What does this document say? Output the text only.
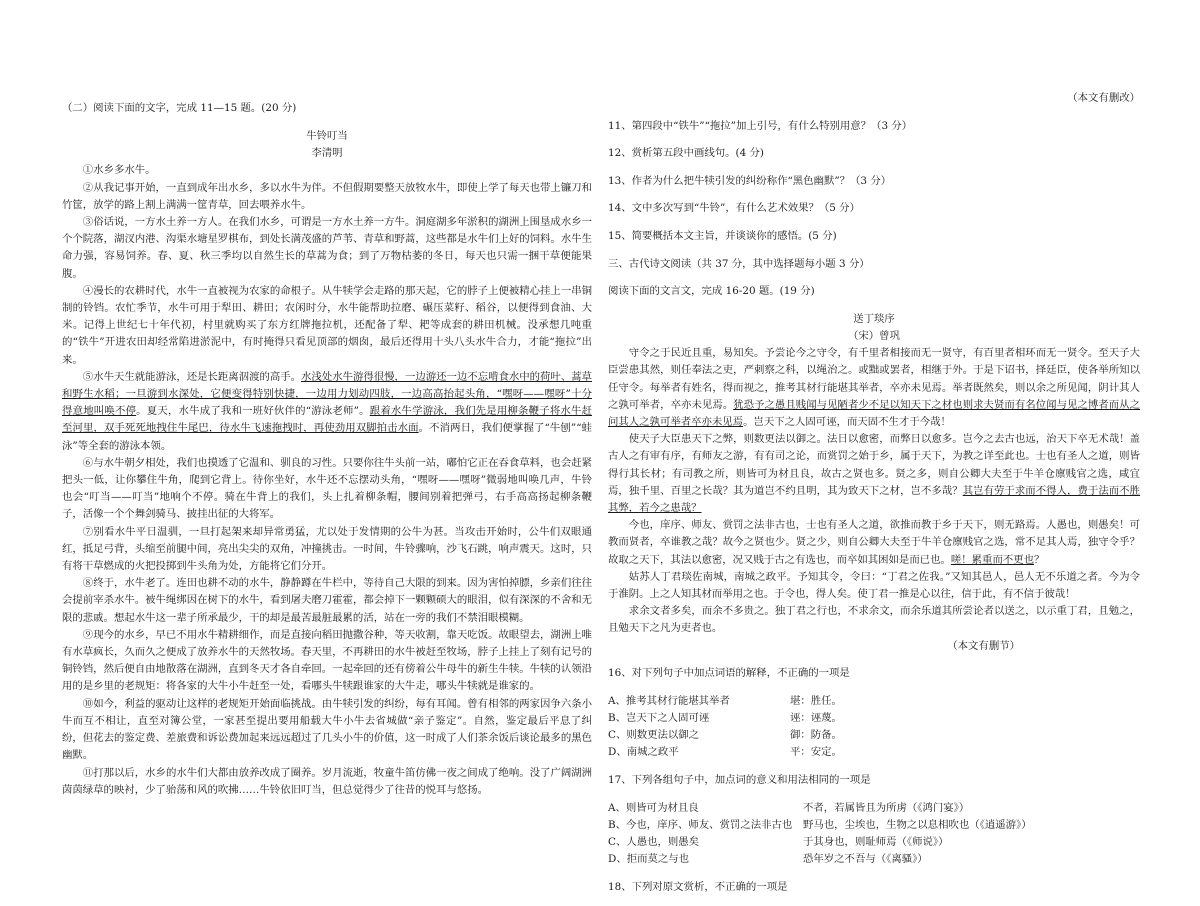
（二）阅读下面的文字，完成 11—15 题。(20 分)

牛铃叮当

李清明

①水乡多水牛。

②从我记事开始，一直到成年出水乡，多以水牛为伴。不但假期要整天放牧水牛，即使上学了每天也带上镰刀和竹筐，放学的路上割上满满一筐青草，回去喂养水牛。

③俗话说，一方水土养一方人。在我们水乡，可谓是一方水土养一方牛。洞庭湖多年淤积的湖洲上围垦成水乡一个个院落，湖汊内港、沟渠水塘星罗棋布，到处长满茂盛的芦苇、青草和野蒿，这些都是水牛们上好的饲料。水牛生命力强，容易饲养。春、夏、秋三季均以自然生长的草蒿为食；到了万物枯萎的冬日，每天也只需一捆干草便能果腹。

④漫长的农耕时代，水牛一直被视为农家的命根子。从牛犊学会走路的那天起，它的脖子上便被精心挂上一串铜制的铃铛。农忙季节，水牛可用于犁田、耕田；农闲时分，水牛能帮助拉磨、碾压菜籽、稻谷，以便得到食油、大米。记得上世纪七十年代初，村里就购买了东方红牌拖拉机，还配备了犁、耙等成套的耕田机械。没承想几吨重的“铁牛”开进农田却经常陷进淤泥中，有时掩得只看见顶部的烟囱，最后还得用十头八头水牛合力，才能“拖拉”出来。

⑤水牛天生就能游泳，还是长距离泅渡的高手。水浅处水牛游得很慢，一边游还一边不忘啃食水中的荷叶、蒿草和野生水稻；一旦游到水深处，它便变得特别快捷，一边用力划动四肢，一边高高抬起头角，“嘿呀——嘿呀”十分得意地叫唤不停。夏天，水牛成了我和一班好伙伴的“游泳老师”。跟着水牛学游泳，我们先是用柳条鞭子将水牛赶至河里，双手死死地拽住牛尾巴，待水牛飞速拖拽时，再使劲用双脚拍击水面。不消两日，我们便掌握了“牛刨”“蛙泳”等全套的游泳本领。

⑥与水牛朝夕相处，我们也摸透了它温和、驯良的习性。只要你往牛头前一站，嘟怕它正在吞食草料，也会赶紧把头一低，让你攀住牛角，爬到它背上。待你坐好，水牛还不忘摆动头角，“嘿呀——嘿呀”微弱地叫唤几声，牛铃也会“叮当——叮当”地响个不停。骑在牛背上的我们，头上扎着柳条帽，腰间别着把弹弓，右手高高扬起柳条鞭子，活像一个个舞剑骑马、披挂出征的大将军。

⑦别看水牛平日温驯，一旦打起架来却异常勇猛，尤以处于发情期的公牛为甚。当攻击开始时，公牛们双眼通红，抵足弓背，头缩至前腿中间，亮出尖尖的双角，冲撞挑击。一时间，牛铃骤响，沙飞石跳，响声震天。这时，只有将干草燃成的火把投掷到牛头角为处，方能将它们分开。

⑧终于，水牛老了。连田也耕不动的水牛，静静蹲在牛栏中，等待自己大限的到来。因为害怕掉膘，乡亲们往往会提前宰杀水牛。被牛绳绑因在树下的水牛，看到屠夫磨刀霍霍，都会掉下一颗颗硕大的眼泪，似有深深的不舍和无限的悲戚。想起水牛这一辈子所承最少，干的却是最苦最脏最累的活，站在一旁的我们不禁泪眼模糊。

⑨现今的水乡，早已不用水牛精耕细作，而是直接向稻田抛撒谷种，等天收割，靠天吃饭。故眼望去，湖洲上唯有水草疯长，久而久之便成了放养水牛的天然牧场。春天里，不再耕田的水牛被赶至牧场，脖子上挂上了刻有记号的铜铃铛，然后便自由地散落在湖洲，直到冬天才各自牵回。一起牵回的还有傍着公牛母牛的新生牛犊。牛犊的认领沿用的是乡里的老规矩：将各家的大牛小牛赶至一处，看哪头牛犊跟谁家的大牛走，哪头牛犊就是谁家的。

⑩如今，利益的驱动让这样的老规矩开始面临挑战。由牛犊引发的纠纷，每有耳闻。曾有相邻的两家因争六条小牛而互不相让，直至对簿公堂，一家甚至提出要用船载大牛小牛去省城做“亲子鉴定”。自然，鉴定最后平息了纠纷，但花去的鉴定费、差旅费和诉讼费加起来远远超过了几头小牛的价值，这一时成了人们茶余饭后谈论最多的黑色幽默。

⑪打那以后，水乡的水牛们大都由放养改成了圈养。岁月流逝，牧童牛笛仿佛一夜之间成了绝响。没了广阔湖洲茵茵绿草的映衬，少了骀荡和风的吹拂……牛铃依旧叮当，但总觉得少了往昔的悦耳与悠扬。

（本文有删改）

11、第四段中“铁牛”“拖拉”加上引号，有什么特别用意？（3 分）

12、赏析第五段中画线句。(4 分)

13、作者为什么把牛犊引发的纠纷称作“黑色幽默”？（3 分）

14、文中多次写到“牛铃”，有什么艺术效果？（5 分）

15、简要概括本文主旨，并谈谈你的感悟。(5 分)

三、古代诗文阅读（共 37 分，其中选择题每小题 3 分）

阅读下面的文言文，完成 16-20 题。(19 分)

送丁琰序

（宋）曾巩

守令之于民近且重，易知矣。予尝论今之守令，有千里者相接而无一贤守，有百里者相环而无一贤令。至天子大臣尝患其然，则任奉法之吏，严刺察之科，以绳治之。或黜或罢者，相继于外。于是下诏书，择廷臣，使各举所知以任守令。每举者有姓名，得而视之，推考其材行能堪其举者，卒亦未见焉。举者既然矣，则以余之所见闻，阴计其人之孰可举者，卒亦未见焉。犹恐予之愚且贱闻与见陋者少不足以知天下之材也则求夫贤而有名位闻与见之博者而从之问其人之孰可举者卒亦未见焉。岂天下之人固可诬，而天固不生才于今哉！

使天子大臣患天下之弊，则数更法以御之。法日以愈密，而弊日以愈多。岂今之去古也远，治天下卒无术哉！盖古人之有审有序，有师友之游，有有司之论，而赏罚之始于乡，属于天下，为教之详至此也。士也有圣人之道，则皆得行其长材；有司教之所，则皆可为材且良，故古之贤也多。贤之多，则自公卿大夫至于牛羊仓廪贱官之选，咸宜焉，独千里、百里之长哉？其为道岂不约且明，其为致天下之材，岂不多哉？其岂有劳于求而不得人，费于法而不胜其弊，若今之患哉？

今也，庠序、师友、赏罚之法非古也，士也有圣人之道，欲推而教于乡于天下，则无路焉。人愚也，则愚矣！可教而贤者，卒谁教之哉？故今之贤也少。贤之少，则自公卿大夫至于牛羊仓廪贱官之选，常不足其人焉，独守令乎？故取之天下，其法以愈密，况又贱于古之有选也，而卒如其困如是而已也。嗟！累重而不更也？

姑苏人丁君琰佐南城，南城之政平。予知其令，令曰：“丁君之佐我。”又知其邑人，邑人无不乐道之者。今为令于淮阴。上之人知其材而举用之也。于令也，得人矣。使丁君一推是心以往，信于此，有不信于彼哉！

求余文者多矣，而余不多贵之。独丁君之行也，不求余文，而余乐道其所尝论者以送之，以示重丁君，且勉之，且勉天下之凡为吏者也。

（本文有删节）

16、对下列句子中加点词语的解释，不正确的一项是

A、推考其材行能堪其举者	堪：胜任。
B、岂天下之人固可诬	诬：诬蔑。
C、则数更法以御之	御：防备。
D、南城之政平	平：安定。

17、下列各组句子中，加点词的意义和用法相同的一项是

A、则皆可为材且良	不者，若属皆且为所虏（《鸿门宴》）
B、今也，庠序、师友、赏罚之法非古也	野马也，尘埃也，生物之以息相吹也（《逍遥游》）
C、人愚也，则愚矣	于其身也，则耻师焉（《师说》）
D、拒而莫之与也	恐年岁之不吾与（《离骚》）

18、下列对原文赏析，不正确的一项是
